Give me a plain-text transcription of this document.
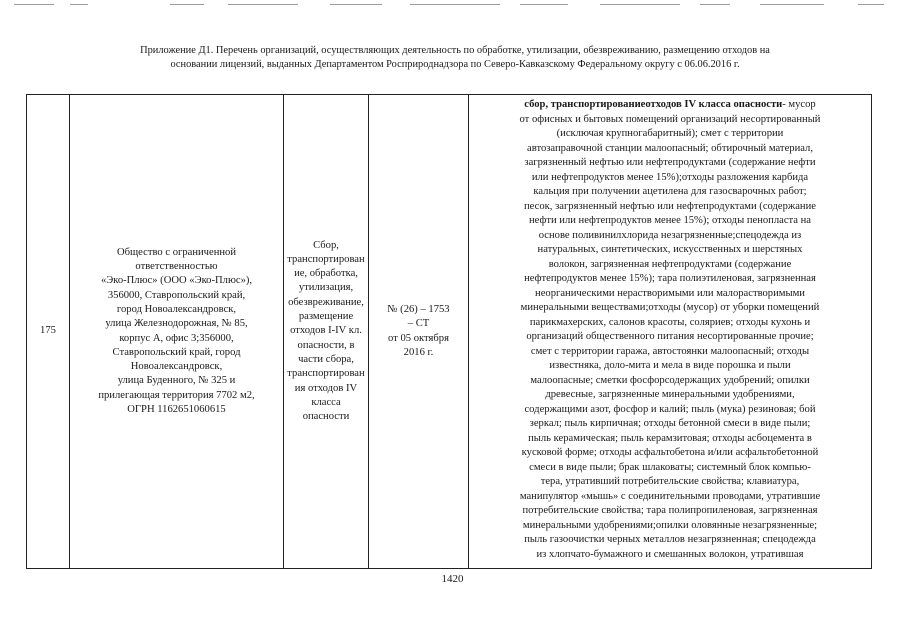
Приложение Д1. Перечень организаций, осуществляющих деятельность по обработке, утилизации, обезвреживанию, размещению отходов на
основании лицензий, выданных Департаментом Росприроднадзора по Северо-Кавказскому Федеральному округу с 06.06.2016 г.
175	
Общество с ограниченной
ответственностью
«Эко-Плюс» (ООО «Эко-Плюс»),
356000, Ставропольский край,
город Новоалександровск,
улица Железнодорожная, № 85,
корпус А, офис 3;356000,
Ставропольский край, город
Новоалександровск,
улица Буденного, № 325 и
прилегающая территория 7702 м2,
ОГРН 1162651060615

Сбор,
транспортирован
ие, обработка,
утилизация,
обезвреживание,
размещение
отходов I-IV кл.
опасности, в
части сбора,
транспортирован
ия отходов IV
класса
опасности

№ (26) – 1753
– СТ
от 05 октября
2016 г.

сбор, транспортированиеотходов IV класса опасности- мусор
от офисных и бытовых помещений организаций несортированный
(исключая крупногабаритный); смет с территории
автозаправочной станции малоопасный; обтирочный материал,
загрязненный нефтью или нефтепродуктами (содержание нефти
или нефтепродуктов менее 15%);отходы разложения карбида
кальция при получении ацетилена для газосварочных работ;
песок, загрязненный нефтью или нефтепродуктами (содержание
нефти или нефтепродуктов менее 15%); отходы пенопласта на
основе поливинилхлорида незагрязненные;спецодежда из
натуральных, синтетических, искусственных и шерстяных
волокон, загрязненная нефтепродуктами (содержание
нефтепродуктов менее 15%); тара полиэтиленовая, загрязненная
неорганическими нерастворимыми или малорастворимыми
минеральными веществами;отходы (мусор) от уборки помещений
парикмахерских, салонов красоты, соляриев; отходы кухонь и
организаций общественного питания несортированные прочие;
смет с территории гаража, автостоянки малоопасный; отходы
известняка, доло-мита и мела в виде порошка и пыли
малоопасные; сметки фосфорсодержащих удобрений; опилки
древесные, загрязненные минеральными удобрениями,
содержащими азот, фосфор и калий; пыль (мука) резиновая; бой
зеркал; пыль кирпичная; отходы бетонной смеси в виде пыли;
пыль керамическая; пыль керамзитовая; отходы асбоцемента в
кусковой форме; отходы асфальтобетона и/или асфальтобетонной
смеси в виде пыли; брак шлаковаты; системный блок компью-
тера, утративший потребительские свойства; клавиатура,
манипулятор «мышь» с соединительными проводами, утратившие
потребительские свойства; тара полипропиленовая, загрязненная
минеральными удобрениями;опилки оловянные незагрязненные;
пыль газоочистки черных металлов незагрязненная; спецодежда
из хлопчато-бумажного и смешанных волокон, утратившая
1420
